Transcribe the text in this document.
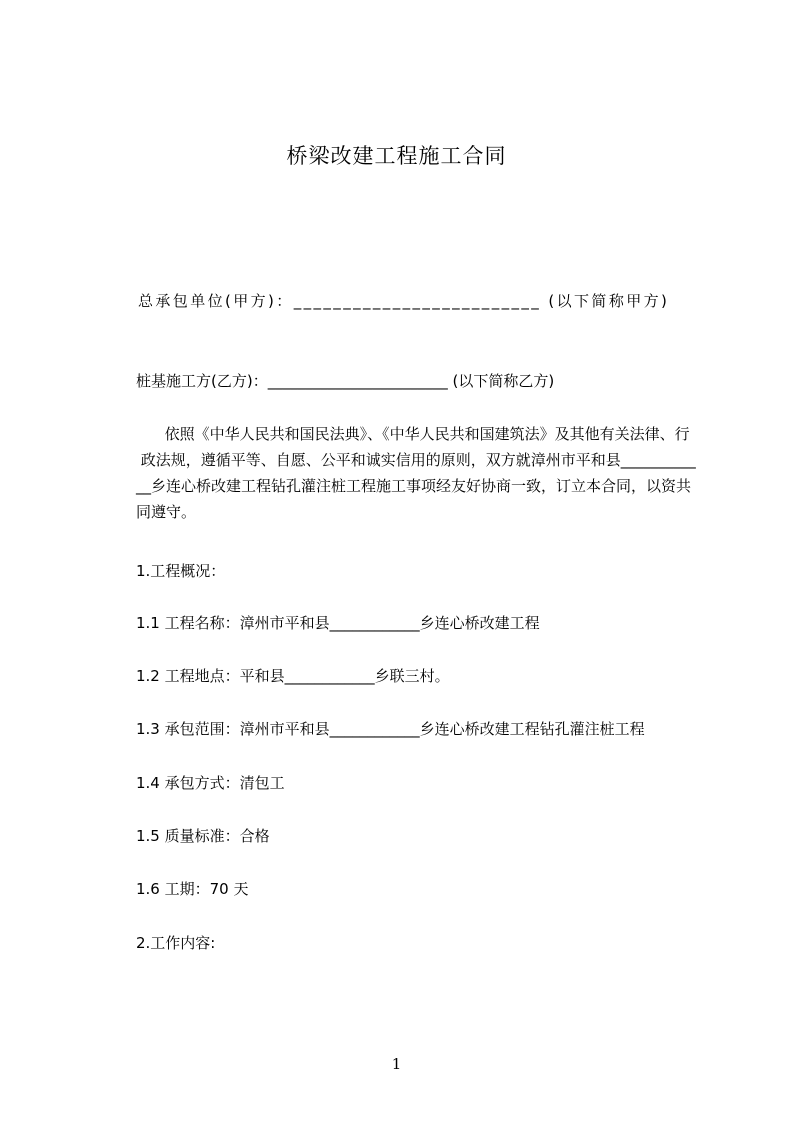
桥梁改建工程施工合同
总承包单位(甲方)：_________________________ (以下简称甲方)
桩基施工方(乙方)：________________________ (以下简称乙方)
依照《中华人民共和国民法典》、《中华人民共和国建筑法》及其他有关法律、行
政法规，遵循平等、自愿、公平和诚实信用的原则，双方就漳州市平和县__________
__乡连心桥改建工程钻孔灌注桩工程施工事项经友好协商一致，订立本合同，以资共
同遵守。
1.工程概况：
1.1 工程名称：漳州市平和县____________乡连心桥改建工程
1.2 工程地点：平和县____________乡联三村。
1.3 承包范围：漳州市平和县____________乡连心桥改建工程钻孔灌注桩工程
1.4 承包方式：清包工
1.5 质量标准：合格
1.6 工期：70 天
2.工作内容:
1
